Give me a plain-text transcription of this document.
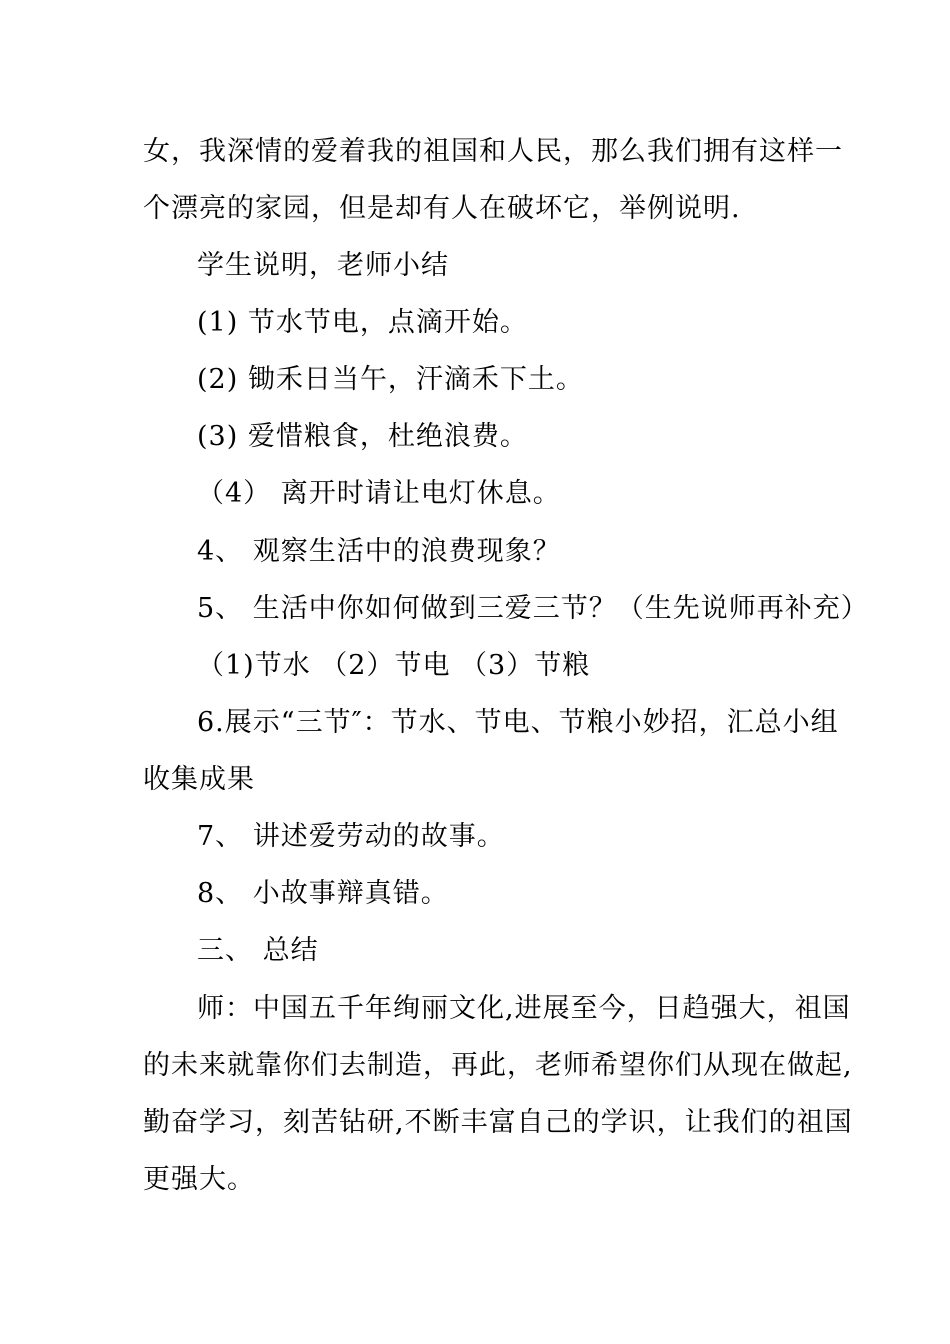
女，我深情的爱着我的祖国和人民，那么我们拥有这样一
个漂亮的家园，但是却有人在破坏它，举例说明.
学生说明，老师小结
(1) 节水节电，点滴开始。
(2) 锄禾日当午，汗滴禾下土。
(3) 爱惜粮食，杜绝浪费。
（4） 离开时请让电灯休息。
4、 观察生活中的浪费现象？
5、 生活中你如何做到三爱三节？（生先说师再补充）
（1)节水 （2）节电 （3）节粮
6.展示“三节″：节水、节电、节粮小妙招，汇总小组
收集成果
7、 讲述爱劳动的故事。
8、 小故事辩真错。
三、 总结
师：中国五千年绚丽文化,进展至今，日趋强大，祖国
的未来就靠你们去制造，再此，老师希望你们从现在做起,
勤奋学习，刻苦钻研,不断丰富自己的学识，让我们的祖国
更强大。
